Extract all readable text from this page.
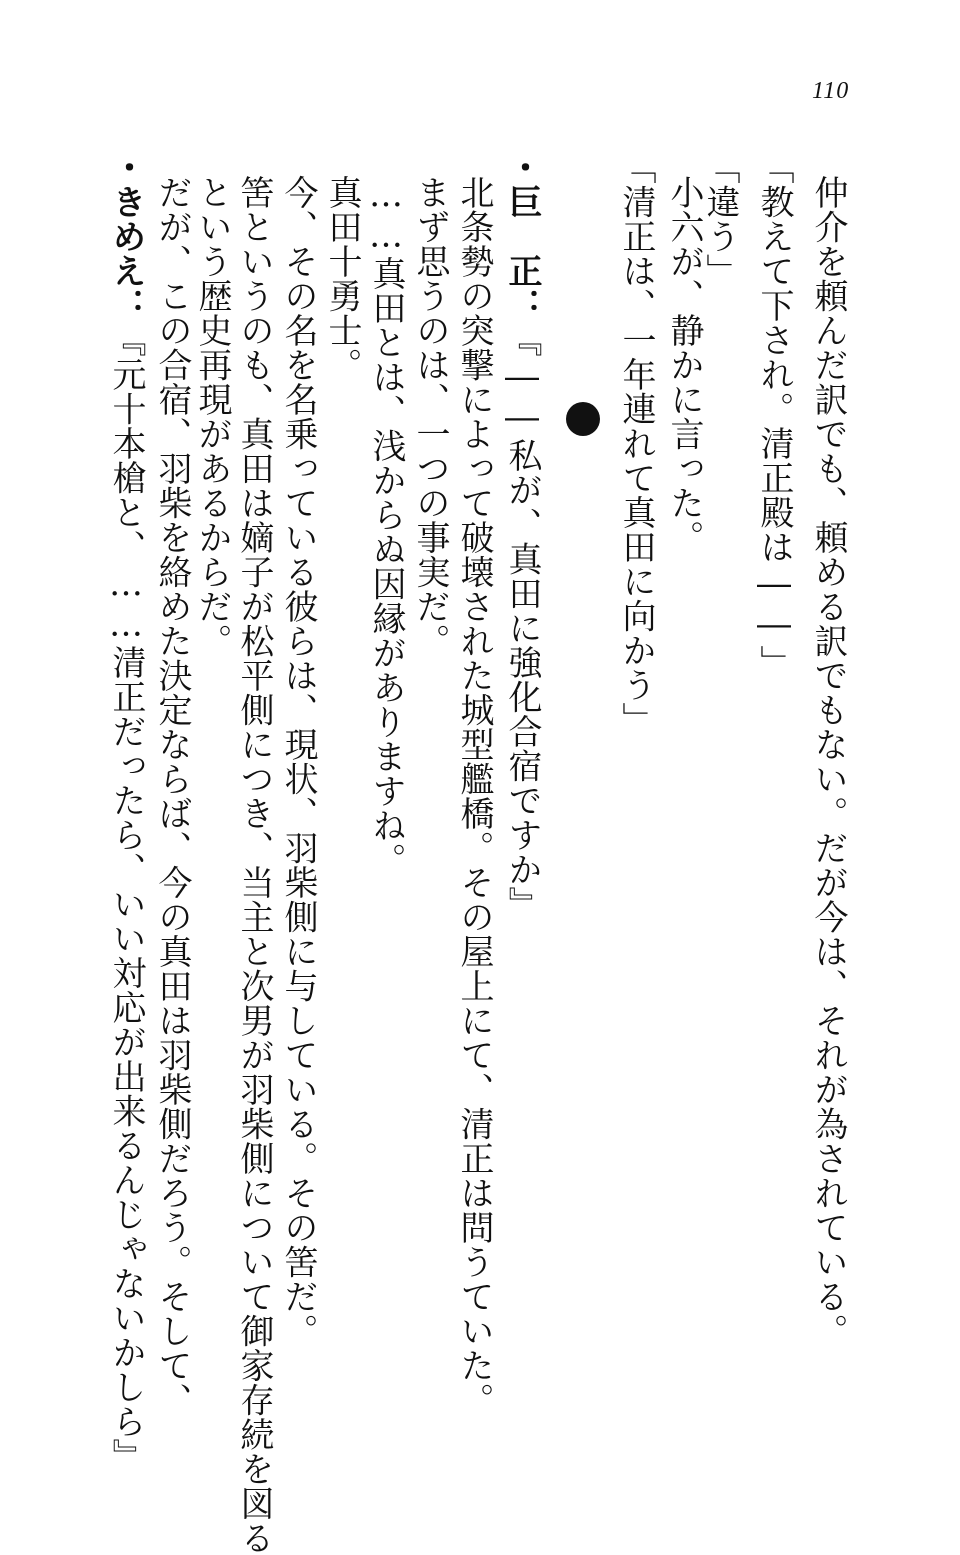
110
仲介を頼んだ訳でも、頼める訳でもない。だが今は、それが為されている。
「教えて下され。清正殿は――」
「違う」
小六が、静かに言った。
「清正は、一年連れて真田に向かう」
・巨　正：『――私が、真田に強化合宿ですか』
北条勢の突撃によって破壊された城型艦橋。その屋上にて、清正は問うていた。
まず思うのは、一つの事実だ。
……真田とは、浅からぬ因縁がありますね。
真田十勇士。
今、その名を名乗っている彼らは、現状、羽柴側に与している。その筈だ。
筈というのも、真田は嫡子が松平側につき、当主と次男が羽柴側について御家存続を図る
という歴史再現があるからだ。
だが、この合宿、羽柴を絡めた決定ならば、今の真田は羽柴側だろう。そして、
・きめえ：『元十本槍と、……清正だったら、いい対応が出来るんじゃないかしら』
